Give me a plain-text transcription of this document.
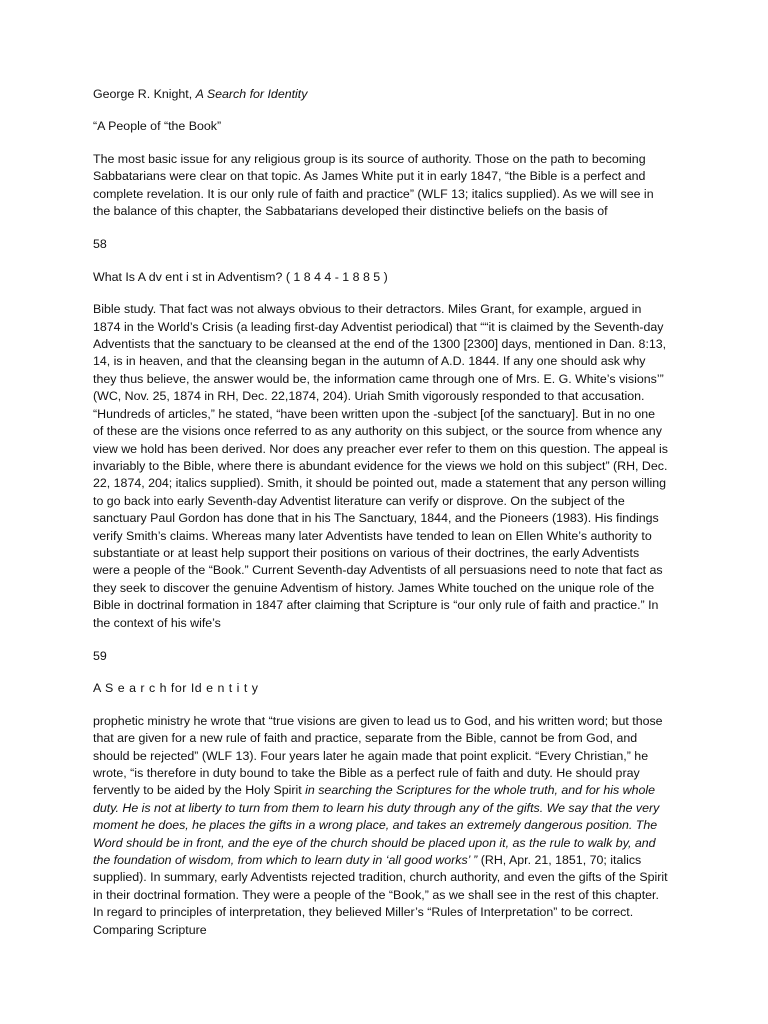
George R. Knight, A Search for Identity

“A People of “the Book”

The most basic issue for any religious group is its source of authority. Those on the path to becoming Sabbatarians were clear on that topic. As James White put it in early 1847, “the Bible is a perfect and complete revelation. It is our only rule of faith and practice” (WLF 13; italics supplied). As we will see in the balance of this chapter, the Sabbatarians developed their distinctive beliefs on the basis of

58

What Is A dv ent i st in Adventism? ( 1 8 4 4 - 1 8 8 5 )

Bible study. That fact was not always obvious to their detractors. Miles Grant, for example, argued in 1874 in the World’s Crisis (a leading first-day Adventist periodical) that ““it is claimed by the Seventh-day Adventists that the sanctuary to be cleansed at the end of the 1300 [2300] days, mentioned in Dan. 8:13, 14, is in heaven, and that the cleansing began in the autumn of A.D. 1844. If any one should ask why they thus believe, the answer would be, the information came through one of Mrs. E. G. White’s visions’” (WC, Nov. 25, 1874 in RH, Dec. 22,1874, 204). Uriah Smith vigorously responded to that accusation. “Hundreds of articles,” he stated, “have been written upon the -subject [of the sanctuary]. But in no one of these are the visions once referred to as any authority on this subject, or the source from whence any view we hold has been derived. Nor does any preacher ever refer to them on this question. The appeal is invariably to the Bible, where there is abundant evidence for the views we hold on this subject” (RH, Dec. 22, 1874, 204; italics supplied). Smith, it should be pointed out, made a statement that any person willing to go back into early Seventh-day Adventist literature can verify or disprove. On the subject of the sanctuary Paul Gordon has done that in his The Sanctuary, 1844, and the Pioneers (1983). His findings verify Smith’s claims. Whereas many later Adventists have tended to lean on Ellen White’s authority to substantiate or at least help support their positions on various of their doctrines, the early Adventists were a people of the “Book.” Current Seventh-day Adventists of all persuasions need to note that fact as they seek to discover the genuine Adventism of history. James White touched on the unique role of the Bible in doctrinal formation in 1847 after claiming that Scripture is “our only rule of faith and practice.” In the context of his wife’s

59

A S e a r c h for Id e n t i t y

prophetic ministry he wrote that “true visions are given to lead us to God, and his written word; but those that are given for a new rule of faith and practice, separate from the Bible, cannot be from God, and should be rejected” (WLF 13). Four years later he again made that point explicit. “Every Christian,” he wrote, “is therefore in duty bound to take the Bible as a perfect rule of faith and duty. He should pray fervently to be aided by the Holy Spirit in searching the Scriptures for the whole truth, and for his whole duty. He is not at liberty to turn from them to learn his duty through any of the gifts. We say that the very moment he does, he places the gifts in a wrong place, and takes an extremely dangerous position. The Word should be in front, and the eye of the church should be placed upon it, as the rule to walk by, and the foundation of wisdom, from which to learn duty in ‘all good works’ ” (RH, Apr. 21, 1851, 70; italics supplied). In summary, early Adventists rejected tradition, church authority, and even the gifts of the Spirit in their doctrinal formation. They were a people of the “Book,” as we shall see in the rest of this chapter. In regard to principles of interpretation, they believed Miller’s “Rules of Interpretation” to be correct. Comparing Scripture
